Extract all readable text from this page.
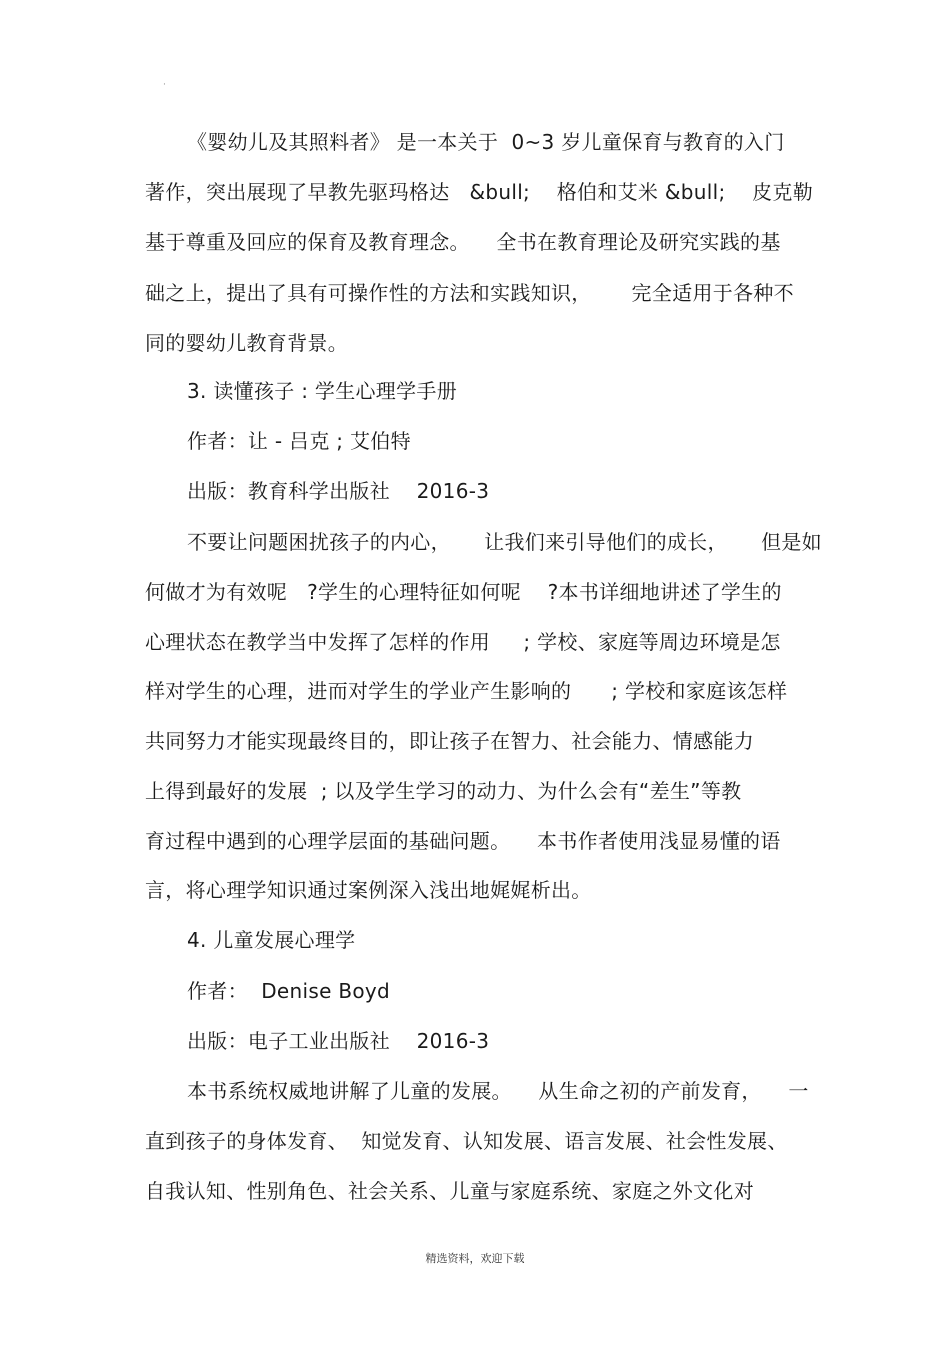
·
《婴幼儿及其照料者》 是一本关于  0~3 岁儿童保育与教育的入门
著作，突出展现了早教先驱玛格达   &bull;    格伯和艾米 &bull;    皮克勒
基于尊重及回应的保育及教育理念。    全书在教育理论及研究实践的基
础之上，提出了具有可操作性的方法和实践知识，      完全适用于各种不
同的婴幼儿教育背景。
3. 读懂孩子 : 学生心理学手册
作者：让 - 吕克 ; 艾伯特
出版：教育科学出版社    2016-3
不要让问题困扰孩子的内心，     让我们来引导他们的成长，     但是如
何做才为有效呢   ?学生的心理特征如何呢    ?本书详细地讲述了学生的
心理状态在教学当中发挥了怎样的作用     ; 学校、家庭等周边环境是怎
样对学生的心理，进而对学生的学业产生影响的      ; 学校和家庭该怎样
共同努力才能实现最终目的，即让孩子在智力、社会能力、情感能力
上得到最好的发展  ; 以及学生学习的动力、为什么会有“差生”等教
育过程中遇到的心理学层面的基础问题。    本书作者使用浅显易懂的语
言，将心理学知识通过案例深入浅出地娓娓析出。
4. 儿童发展心理学
作者：  Denise Boyd
出版：电子工业出版社    2016-3
本书系统权威地讲解了儿童的发展。    从生命之初的产前发育，    一
直到孩子的身体发育、  知觉发育、认知发展、语言发展、社会性发展、
自我认知、性别角色、社会关系、儿童与家庭系统、家庭之外文化对
精选资料，欢迎下载
